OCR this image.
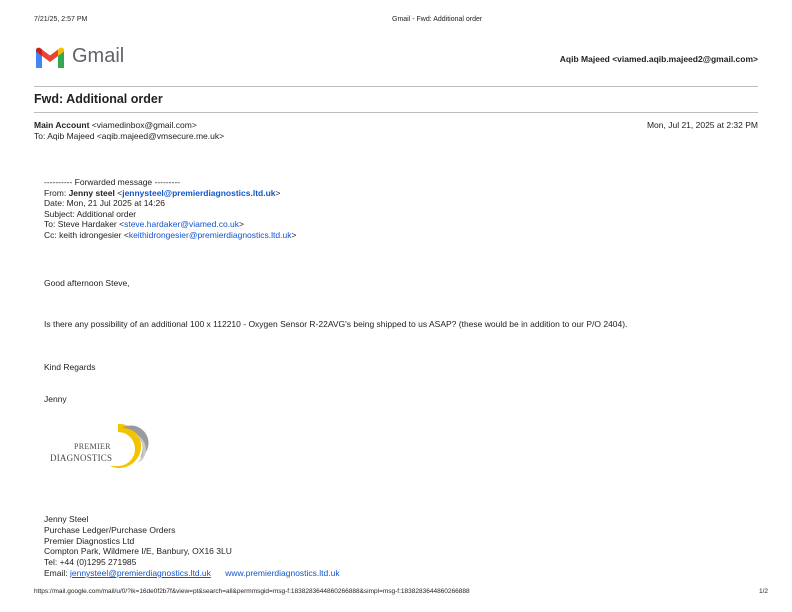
7/21/25, 2:57 PM	Gmail - Fwd: Additional order
Gmail	Aqib Majeed <viamed.aqib.majeed2@gmail.com>
Fwd: Additional order
Main Account <viamedinbox@gmail.com>	Mon, Jul 21, 2025 at 2:32 PM
To: Aqib Majeed <aqib.majeed@vmsecure.me.uk>
---------- Forwarded message ---------
From: Jenny steel <jennysteel@premierdiagnostics.ltd.uk>
Date: Mon, 21 Jul 2025 at 14:26
Subject: Additional order
To: Steve Hardaker <steve.hardaker@viamed.co.uk>
Cc: keith idrongesier <keithidrongesier@premierdiagnostics.ltd.uk>
Good afternoon Steve,
Is there any possibility of an additional 100 x 112210 - Oxygen Sensor R-22AVG's being shipped to us ASAP? (these would be in addition to our P/O 2404).
Kind Regards
Jenny
PREMIER
DIAGNOSTICS
Jenny Steel
Purchase Ledger/Purchase Orders
Premier Diagnostics Ltd
Compton Park, Wildmere I/E, Banbury, OX16 3LU
Tel: +44 (0)1295 271985
Email: jennysteel@premierdiagnostics.ltd.uk www.premierdiagnostics.ltd.uk
https://mail.google.com/mail/u/0/?ik=16de0f2b7f&view=pt&search=all&permmsgid=msg-f:1838283644860266888&simpl=msg-f:1838283644860266888	1/2
